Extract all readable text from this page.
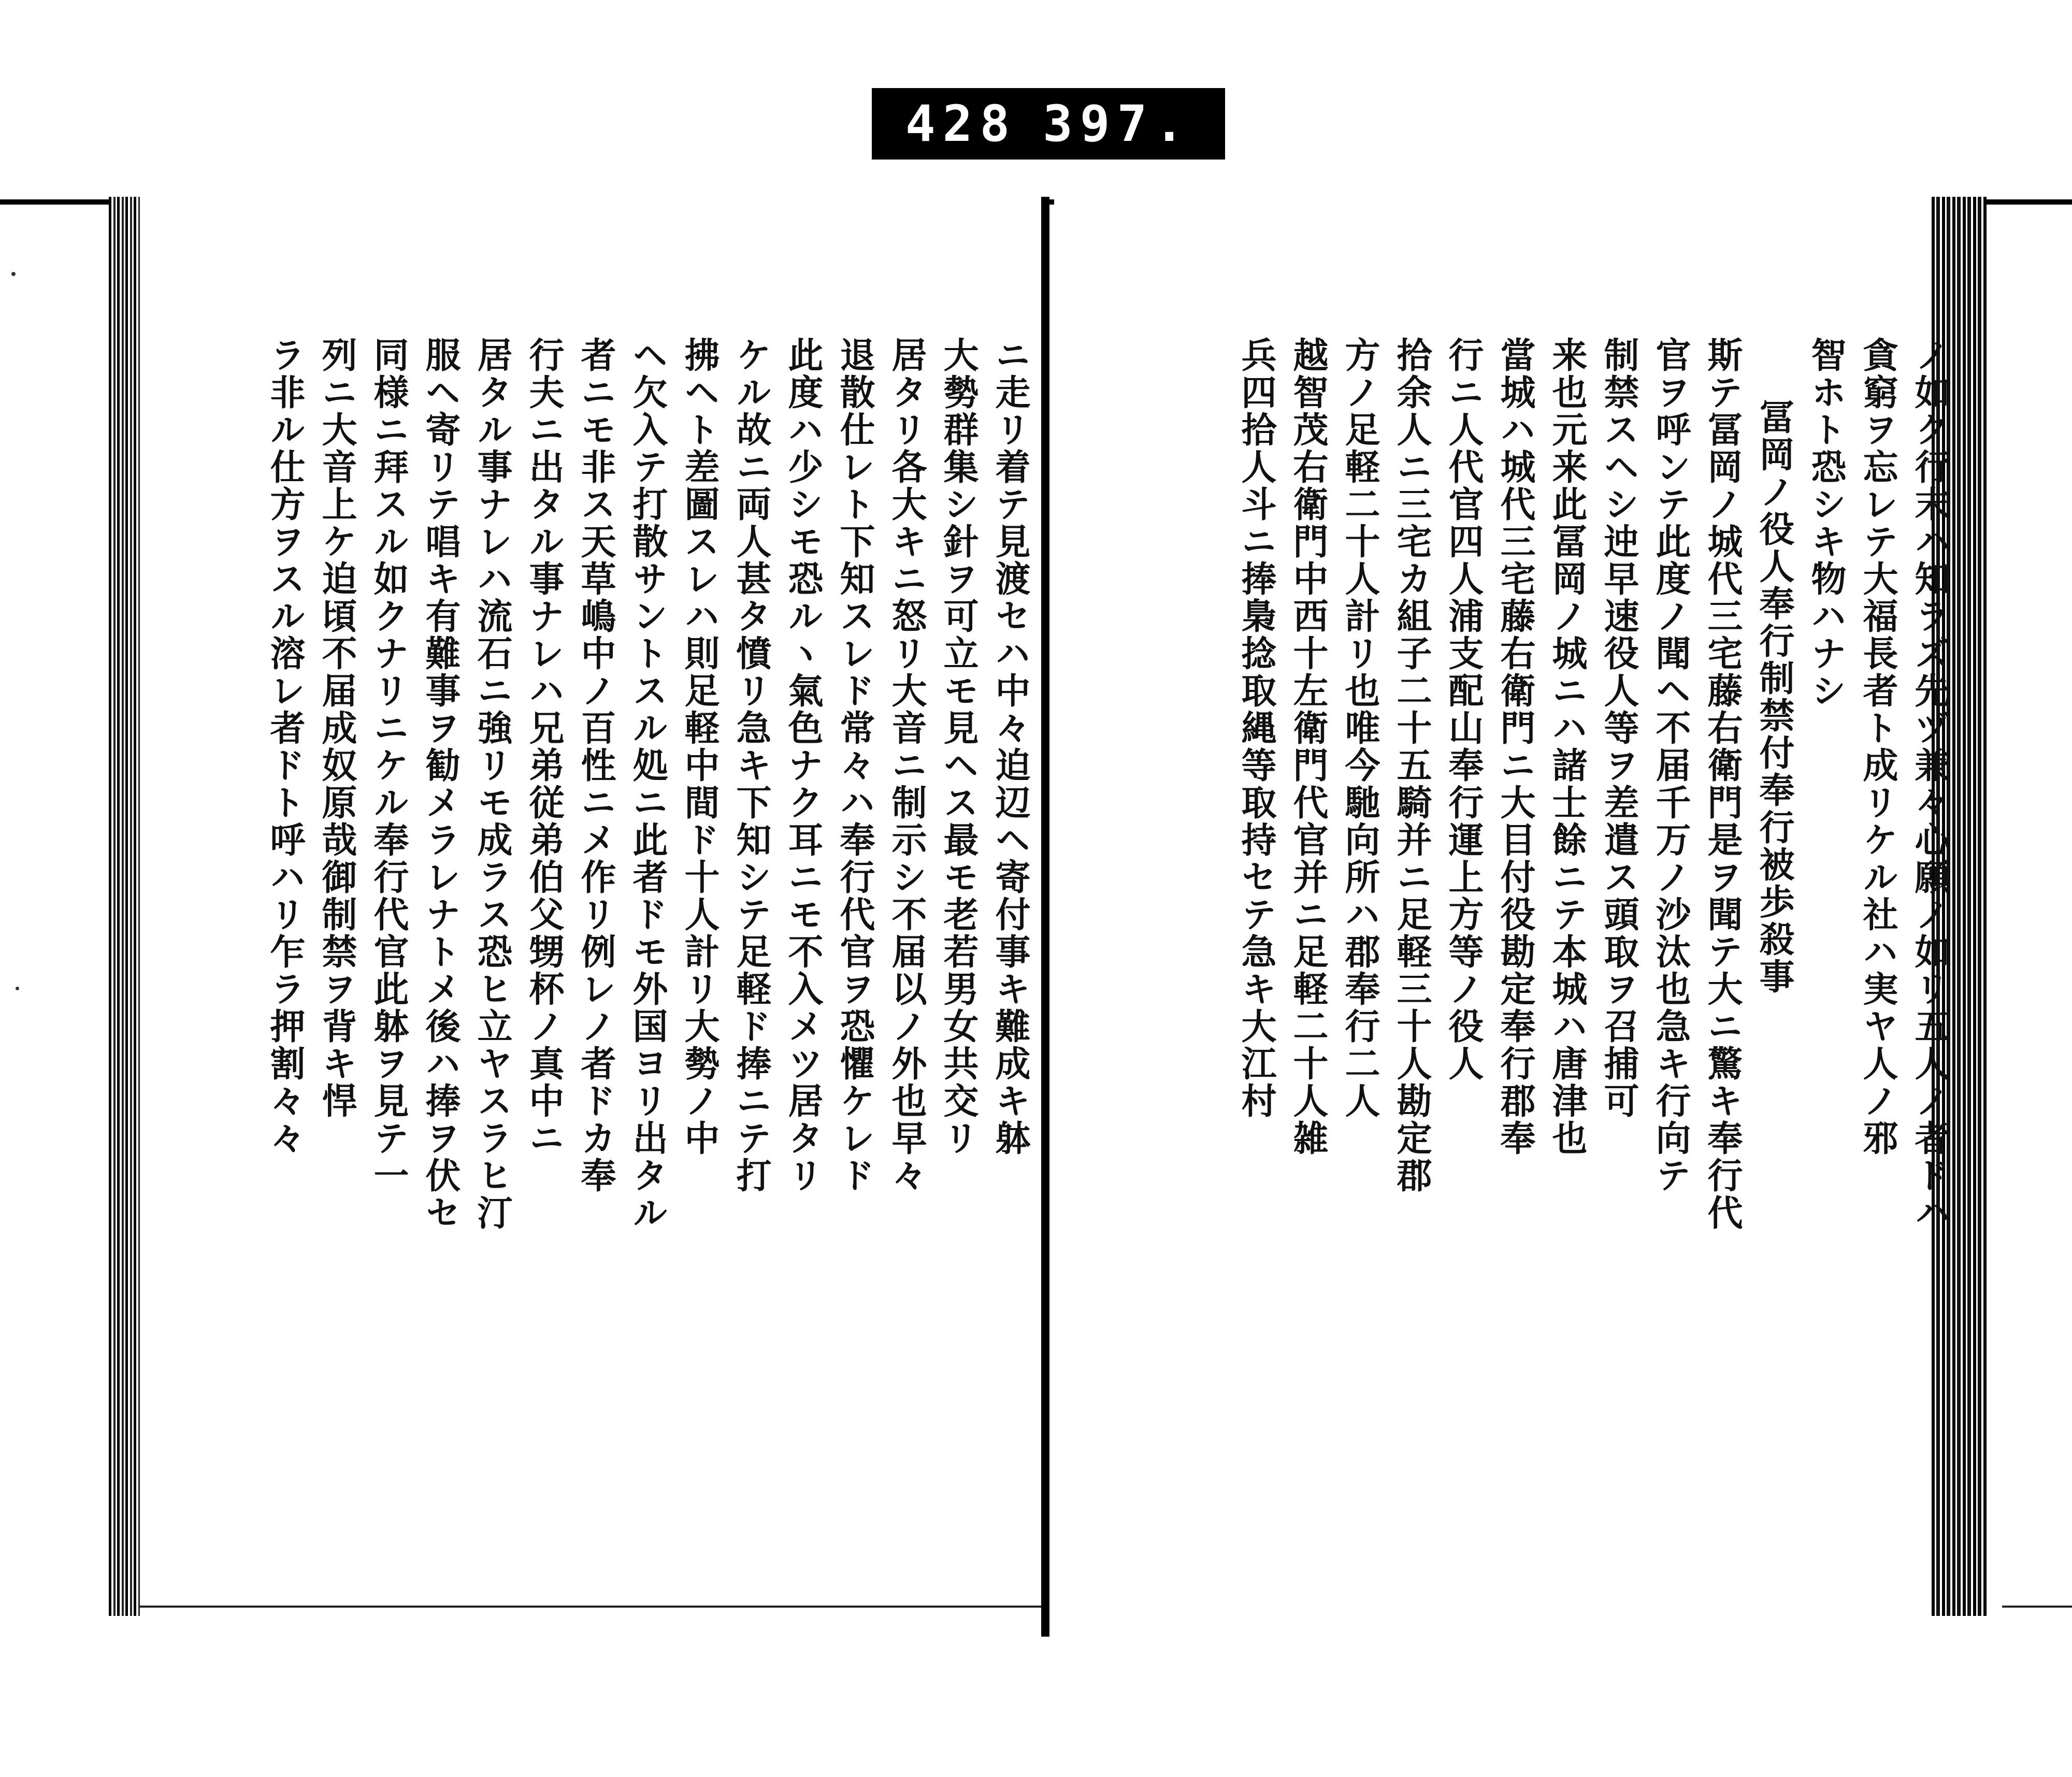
428 397.
ニ走リ着テ見渡セハ中々迫辺ヘ寄付事キ難成キ躰
大勢群集シ針ヲ可立モ見ヘス最モ老若男女共交リ
居タリ各大キニ怒リ大音ニ制示シ不届以ノ外也早々
退散仕レト下知スレド常々ハ奉行代官ヲ恐懼ケレド
此度ハ少シモ恐ルヽ氣色ナク耳ニモ不入メツ居タリ
ケル故ニ両人甚タ憤リ急キ下知シテ足軽ド捧ニテ打
拂ヘト差圖スレハ則足軽中間ド十人計リ大勢ノ中
ヘ欠入テ打散サントスル処ニ此者ドモ外国ヨリ出タル
者ニモ非ス天草嶋中ノ百性ニメ作リ例レノ者ドカ奉
行夫ニ出タル事ナレハ兄弟従弟伯父甥杯ノ真中ニ
居タル事ナレハ流石ニ強リモ成ラス恐ヒ立ヤスラヒ汀
服ヘ寄リテ唱キ有難事ヲ勧メラレナトメ後ハ捧ヲ伏セ
同様ニ拜スル如クナリニケル奉行代官此躰ヲ見テ一
列ニ大音上ケ迫頃不届成奴原哉御制禁ヲ背キ悍
ラ非ル仕方ヲスル溶レ者ドト呼ハリ乍ラ押割々々	ノ如ク行末ハ知ラズ先ヅ兼々心願ノ如リ五人ノ者ドハ
貪窮ヲ忘レテ大福長者ト成リケル社ハ実ヤ人ノ邪
智ホト恐シキ物ハナシ
冨岡ノ役人奉行制禁付奉行被歩殺事
斯テ冨岡ノ城代三宅藤右衛門是ヲ聞テ大ニ驚キ奉行代
官ヲ呼ンテ此度ノ聞ヘ不届千万ノ沙汰也急キ行向テ
制禁スヘシ迚早速役人等ヲ差遣ス頭取ヲ召捕可
来也元来此冨岡ノ城ニハ諸士餘ニテ本城ハ唐津也
當城ハ城代三宅藤右衛門ニ大目付役勘定奉行郡奉
行ニ人代官四人浦支配山奉行運上方等ノ役人
拾余人ニ三宅カ組子二十五騎并ニ足軽三十人勘定郡
方ノ足軽二十人計リ也唯今馳向所ハ郡奉行二人
越智茂右衛門中西十左衛門代官并ニ足軽二十人雑
兵四拾人斗ニ捧梟捻取縄等取持セテ急キ大江村
